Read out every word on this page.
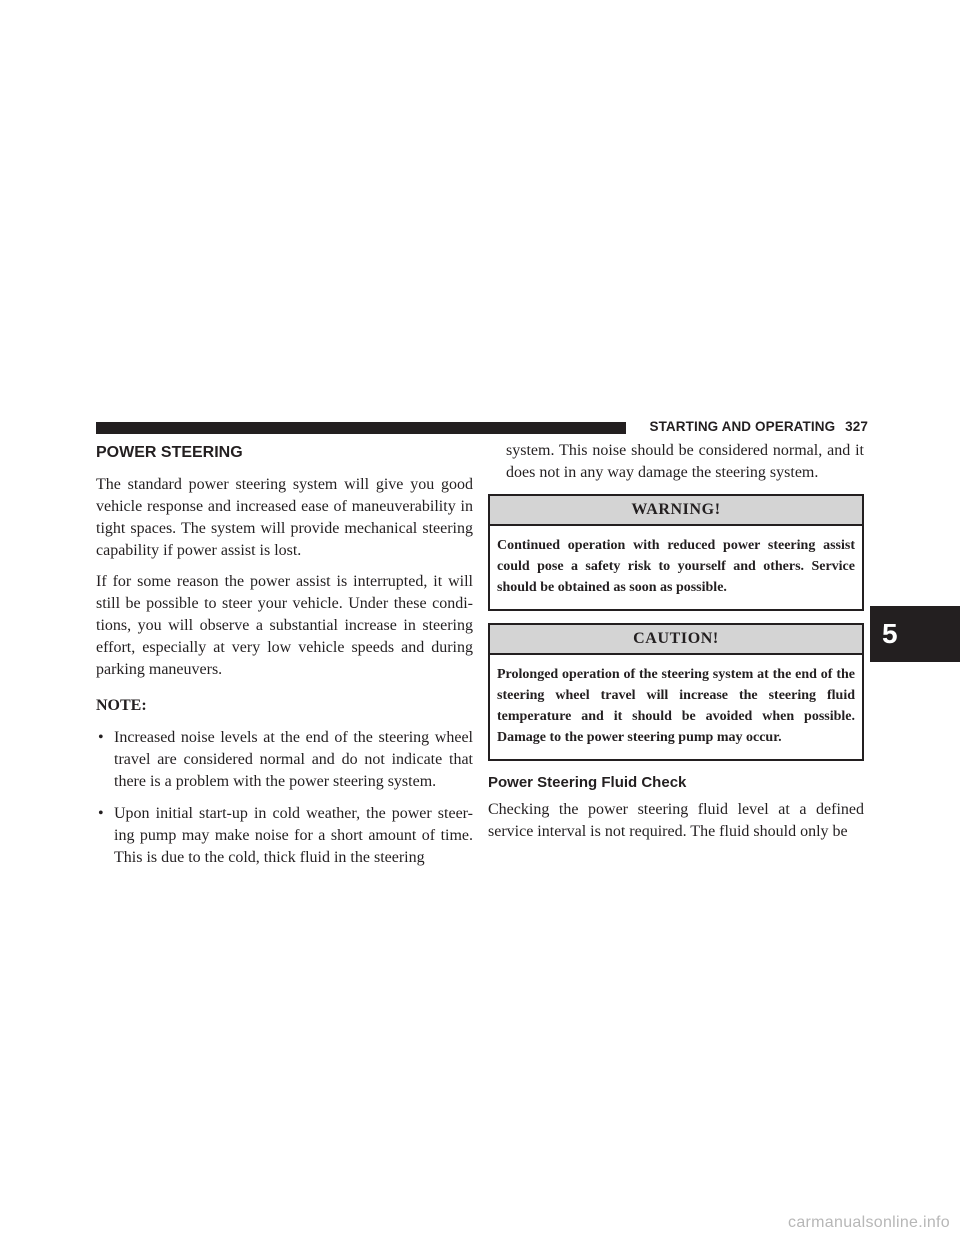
STARTING AND OPERATING 327
POWER STEERING

The standard power steering system will give you good vehicle response and increased ease of maneuverability in tight spaces. The system will provide mechanical steering capability if power assist is lost.

If for some reason the power assist is interrupted, it will still be possible to steer your vehicle. Under these condi-tions, you will observe a substantial increase in steering effort, especially at very low vehicle speeds and during parking maneuvers.

NOTE:

• Increased noise levels at the end of the steering wheel travel are considered normal and do not indicate that there is a problem with the power steering system.
• Upon initial start-up in cold weather, the power steer-ing pump may make noise for a short amount of time. This is due to the cold, thick fluid in the steering

system. This noise should be considered normal, and it does not in any way damage the steering system.

WARNING!
Continued operation with reduced power steering assist could pose a safety risk to yourself and others. Service should be obtained as soon as possible.
CAUTION!
Prolonged operation of the steering system at the end of the steering wheel travel will increase the steering fluid temperature and it should be avoided when possible. Damage to the power steering pump may occur.
Power Steering Fluid Check

Checking the power steering fluid level at a defined service interval is not required. The fluid should only be

5
carmanualsonline.info
